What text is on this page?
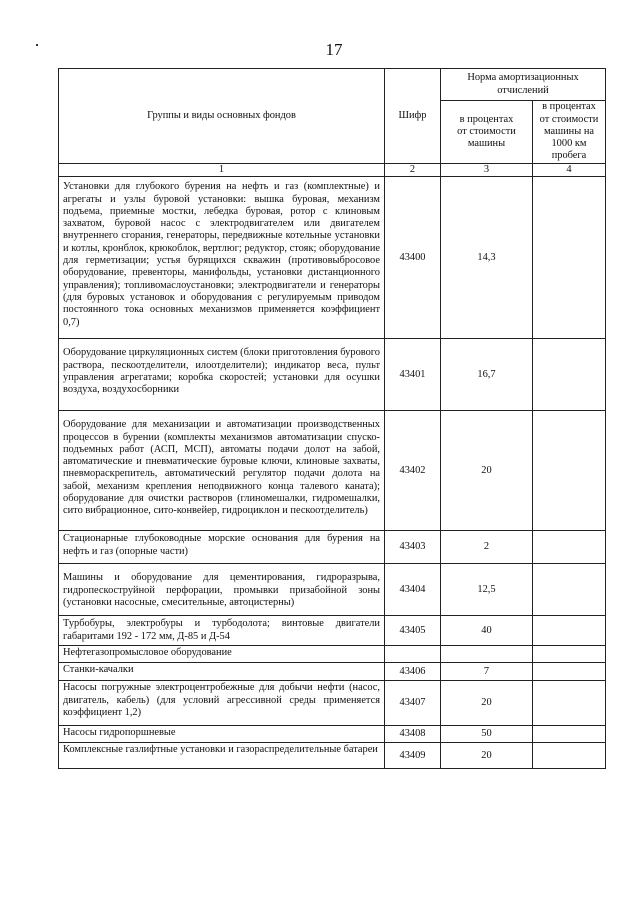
17
Группы и виды основных фондов	Шифр	Норма амортизационных отчислений	
		в процентах от стоимости машины	в процентах от стоимости машины на 1000 км пробега
1	2	3	4

Установки для глубокого бурения на нефть и газ (комплектные) и агрегаты и узлы буровой установки: вышка буровая, механизм подъема, приемные мостки, лебедка буровая, ротор с клиновым захватом, буровой насос с электродвигателем или двигателем внутреннего сгорания, генераторы, передвижные котельные установки и котлы, кронблок, крюкоблок, вертлюг; редуктор, стояк; оборудование для герметизации; устья бурящихся скважин (противовыбросовое оборудование, превенторы, манифольды, установки дистанционного управления); топливомаслоустановки; электродвигатели и генераторы (для буровых установок и оборудования с регулируемым приводом постоянного тока основных механизмов применяется коэффициент 0,7)	43400	14,3	

Оборудование циркуляционных систем (блоки приготовления бурового раствора, пескоотделители, илоотделители); индикатор веса, пульт управления агрегатами; коробка скоростей; установки для осушки воздуха, воздухосборники	43401	16,7	

Оборудование для механизации и автоматизации производственных процессов в бурении (комплекты механизмов автоматизации спуско-подъемных работ (АСП, МСП), автоматы подачи долот на забой, автоматические и пневматические буровые ключи, клиновые захваты, пневмораскрепитель, автоматический регулятор подачи долота на забой, механизм крепления неподвижного конца талевого каната); оборудование для очистки растворов (глиномешалки, гидромешалки, сито вибрационное, сито-конвейер, гидроциклон и пескоотделитель)	43402	20	

Стационарные глубоководные морские основания для бурения на нефть и газ (опорные части)	43403	2	

Машины и оборудование для цементирования, гидроразрыва, гидропескоструйной перфорации, промывки призабойной зоны (установки насосные, смесительные, автоцистерны)	43404	12,5	

Турбобуры, электробуры и турбодолота; винтовые двигатели габаритами 192 - 172 мм, Д-85 и Д-54	43405	40	

Нефтегазопромысловое оборудование			

Станки-качалки	43406	7	

Насосы погружные электроцентробежные для добычи нефти (насос, двигатель, кабель) (для условий агрессивной среды применяется коэффициент 1,2)	43407	20	

Насосы гидропоршневые	43408	50	

Комплексные газлифтные установки и газораспределительные батареи	43409	20	
